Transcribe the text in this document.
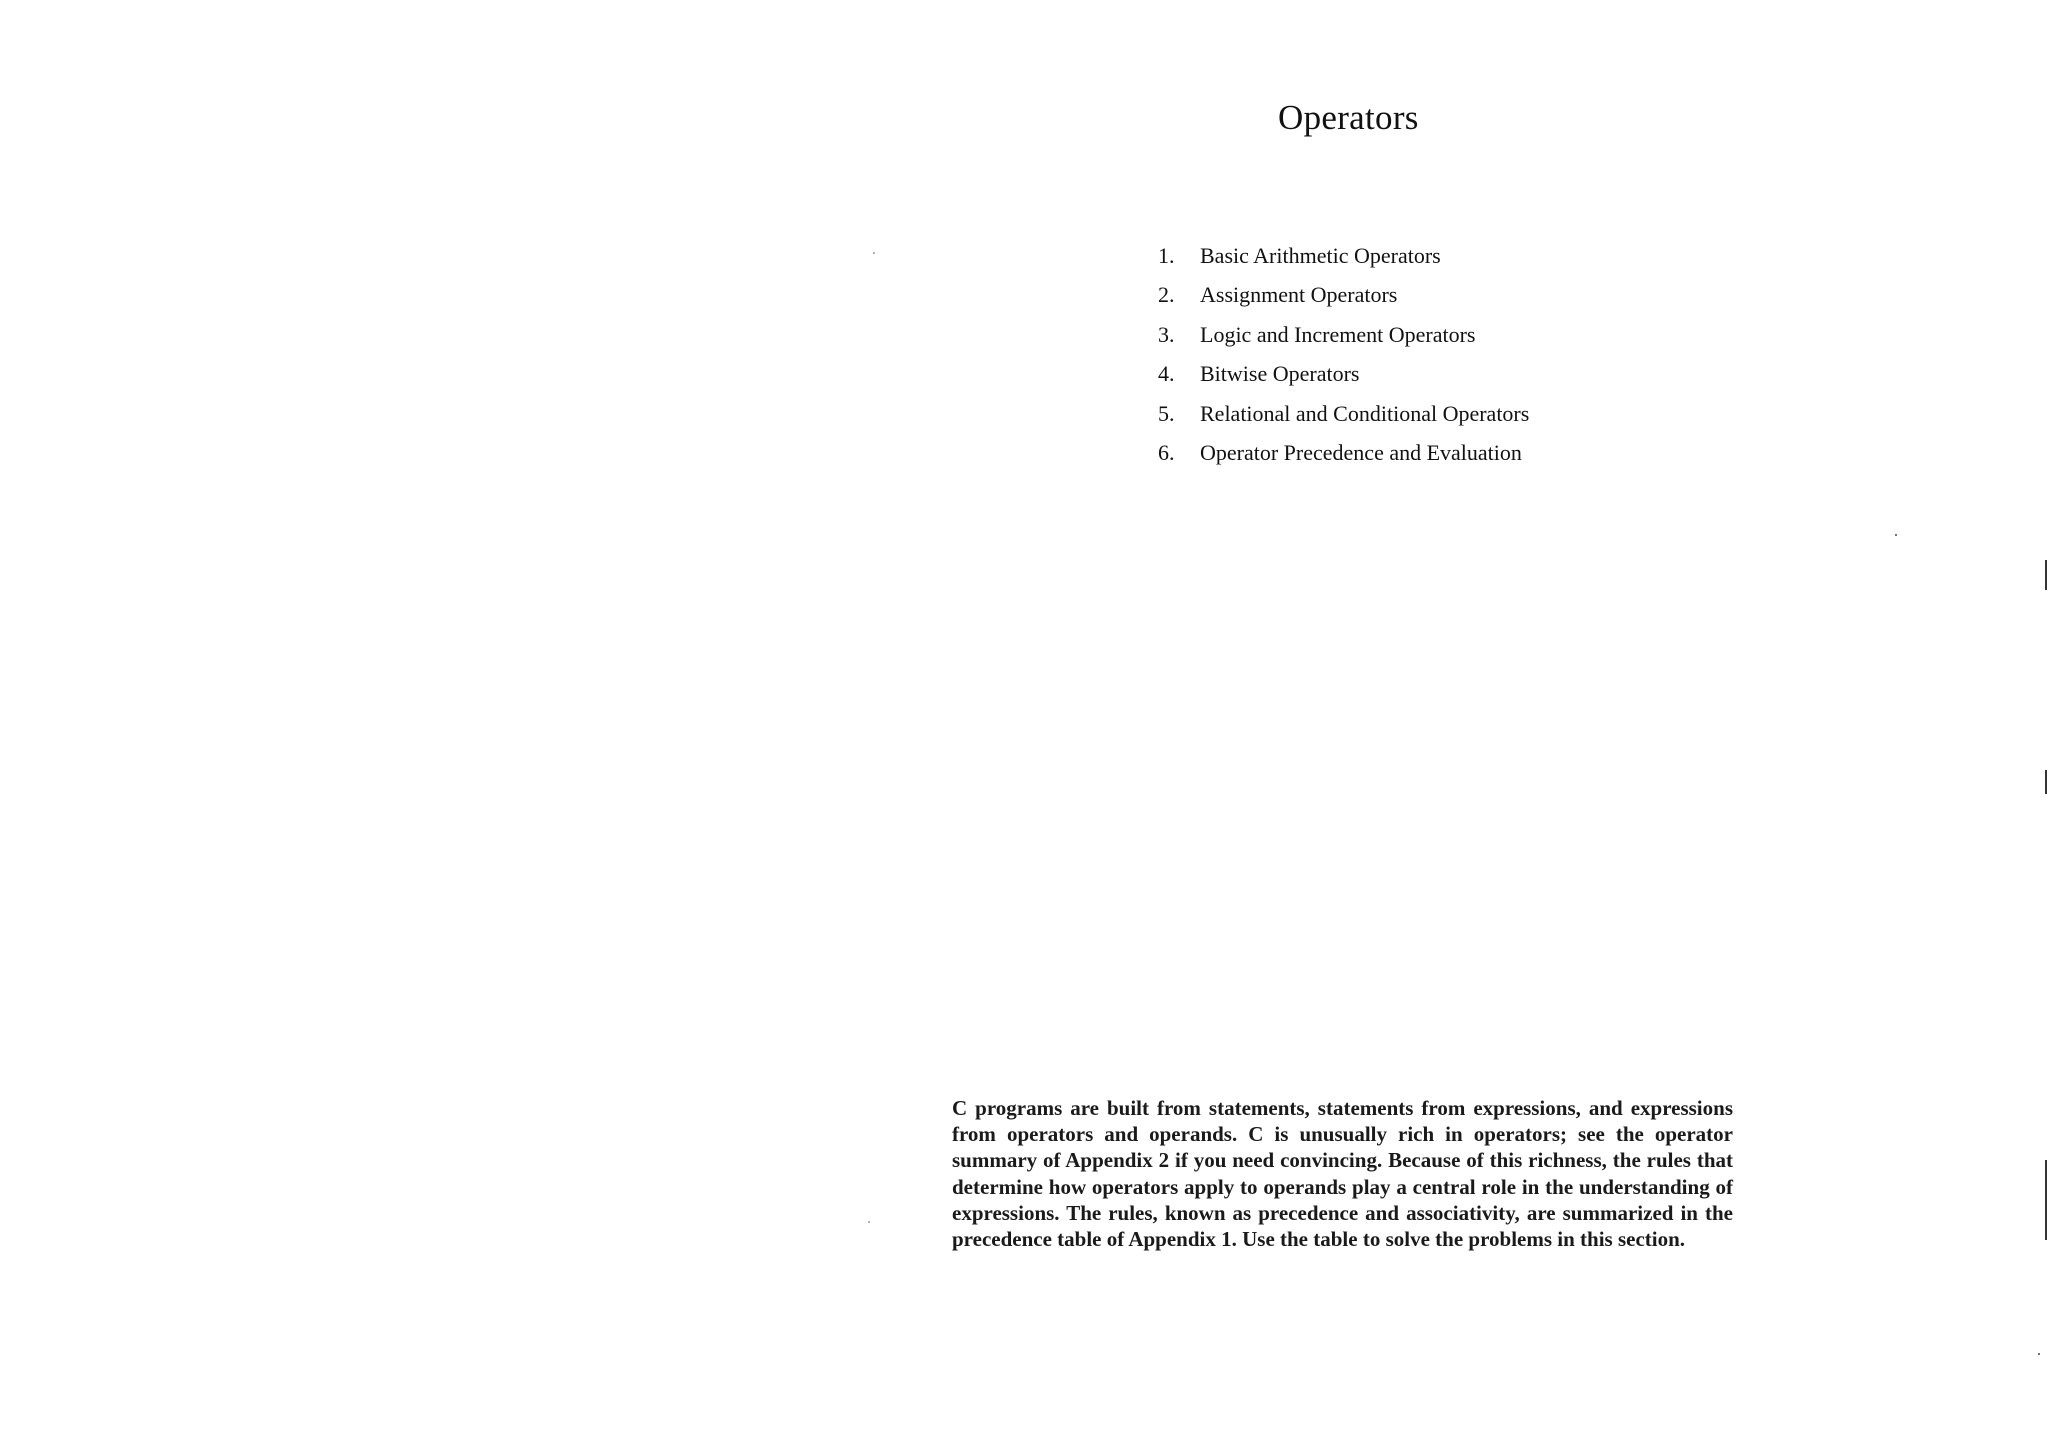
Operators
1.	Basic Arithmetic Operators
2.	Assignment Operators
3.	Logic and Increment Operators
4.	Bitwise Operators
5.	Relational and Conditional Operators
6.	Operator Precedence and Evaluation

C programs are built from statements, statements from expressions, and expressions from operators and operands. C is unusually rich in operators; see the operator summary of Appendix 2 if you need convincing. Because of this richness, the rules that determine how operators apply to operands play a central role in the understanding of expressions. The rules, known as precedence and associativity, are summarized in the precedence table of Appendix 1. Use the table to solve the problems in this section.
